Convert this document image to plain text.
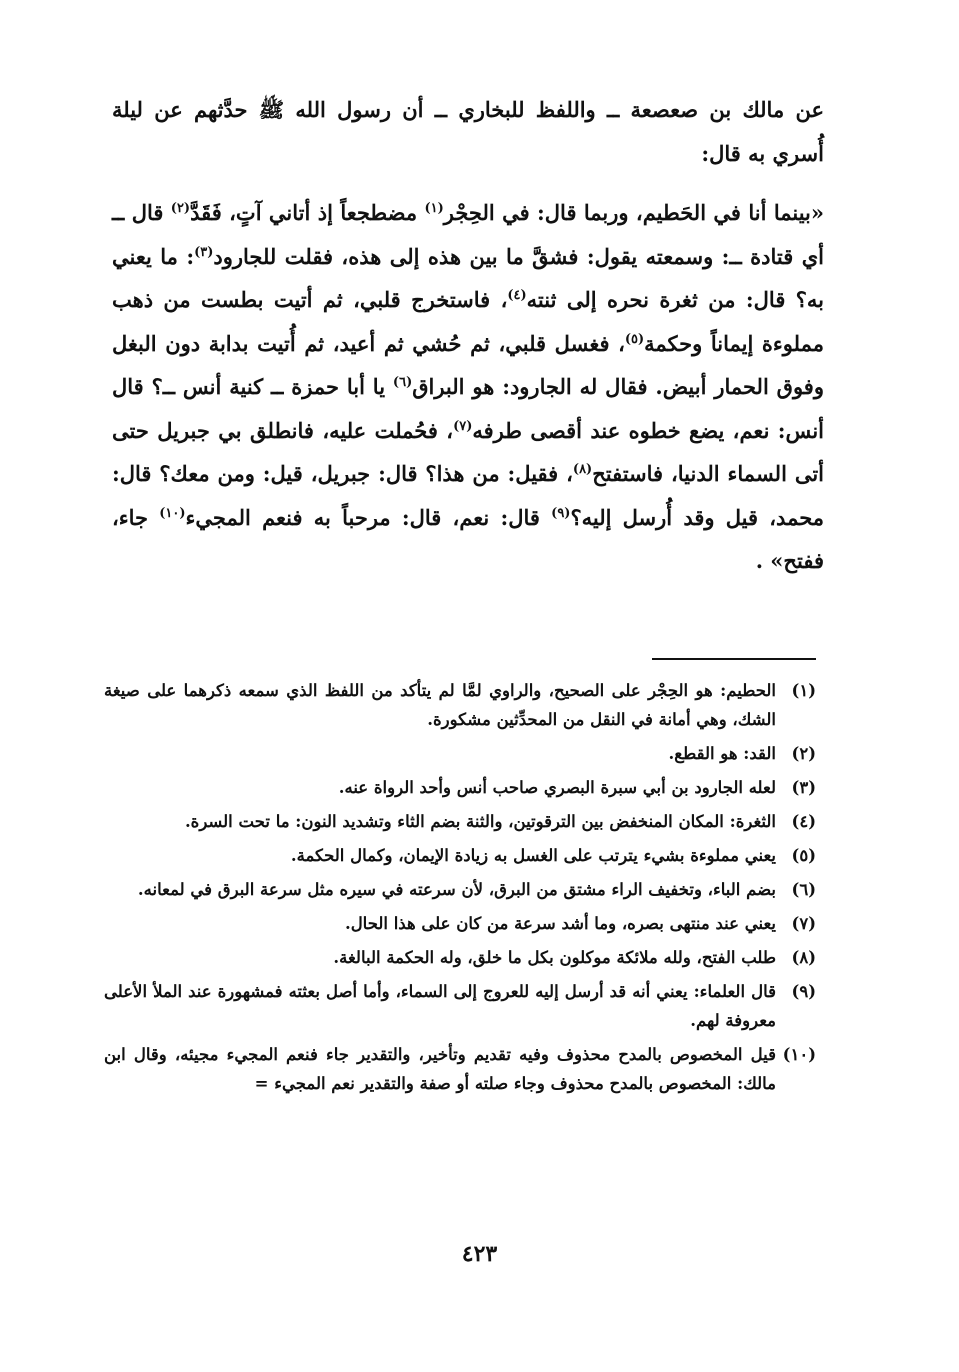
عن مالك بن صعصعة ــ واللفظ للبخاري ــ أن رسول الله ﷺ حدَّثهم عن ليلة أُسري به قال:

«بينما أنا في الحَطيم، وربما قال: في الحِجْر$^{(١)}$ مضطجعاً إذ أتاني آتٍ، فَقَدَّ$^{(٢)}$ قال ــ أي قتادة ــ: وسمعته يقول: فشقَّ ما بين هذه إلى هذه، فقلت للجارود$^{(٣)}$: ما يعني به؟ قال: من ثغرة نحره إلى ثنته$^{(٤)}$، فاستخرج قلبي، ثم أتيت بطست من ذهب مملوءة إيماناً وحكمة$^{(٥)}$، فغسل قلبي، ثم حُشي ثم أعيد، ثم أُتيت بدابة دون البغل وفوق الحمار أبيض. فقال له الجارود: هو البراق$^{(٦)}$ يا أبا حمزة ــ كنية أنس ــ؟ قال أنس: نعم، يضع خطوه عند أقصى طرفه$^{(٧)}$، فحُملت عليه، فانطلق بي جبريل حتى أتى السماء الدنيا، فاستفتح$^{(٨)}$، فقيل: من هذا؟ قال: جبريل، قيل: ومن معك؟ قال: محمد، قيل وقد أُرسل إليه؟$^{(٩)}$ قال: نعم، قال: مرحباً به فنعم المجيء$^{(١٠)}$ جاء، ففتح» .

(١)
الحطيم: هو الحِجْر على الصحيح، والراوي لمَّا لم يتأكد من اللفظ الذي سمعه ذكرهما على صيغة الشك، وهي أمانة في النقل من المحدِّثين مشكورة.
(٢)
القد: هو القطع.
(٣)
لعله الجارود بن أبي سبرة البصري صاحب أنس وأحد الرواة عنه.
(٤)
الثغرة: المكان المنخفض بين الترقوتين، والثنة بضم الثاء وتشديد النون: ما تحت السرة.
(٥)
يعني مملوءة بشيء يترتب على الغسل به زيادة الإيمان، وكمال الحكمة.
(٦)
بضم الباء، وتخفيف الراء مشتق من البرق، لأن سرعته في سيره مثل سرعة البرق في لمعانه.
(٧)
يعني عند منتهى بصره، وما أشد سرعة من كان على هذا الحال.
(٨)
طلب الفتح، ولله ملائكة موكلون بكل ما خلق، وله الحكمة البالغة.
(٩)
قال العلماء: يعني أنه قد أرسل إليه للعروج إلى السماء، وأما أصل بعثته فمشهورة عند الملأ الأعلى معروفة لهم.
(١٠)
قيل المخصوص بالمدح محذوف وفيه تقديم وتأخير، والتقدير جاء فنعم المجيء مجيئه، وقال ابن مالك: المخصوص بالمدح محذوف وجاء صلته أو صفة والتقدير نعم المجيء =
٤٢٣
